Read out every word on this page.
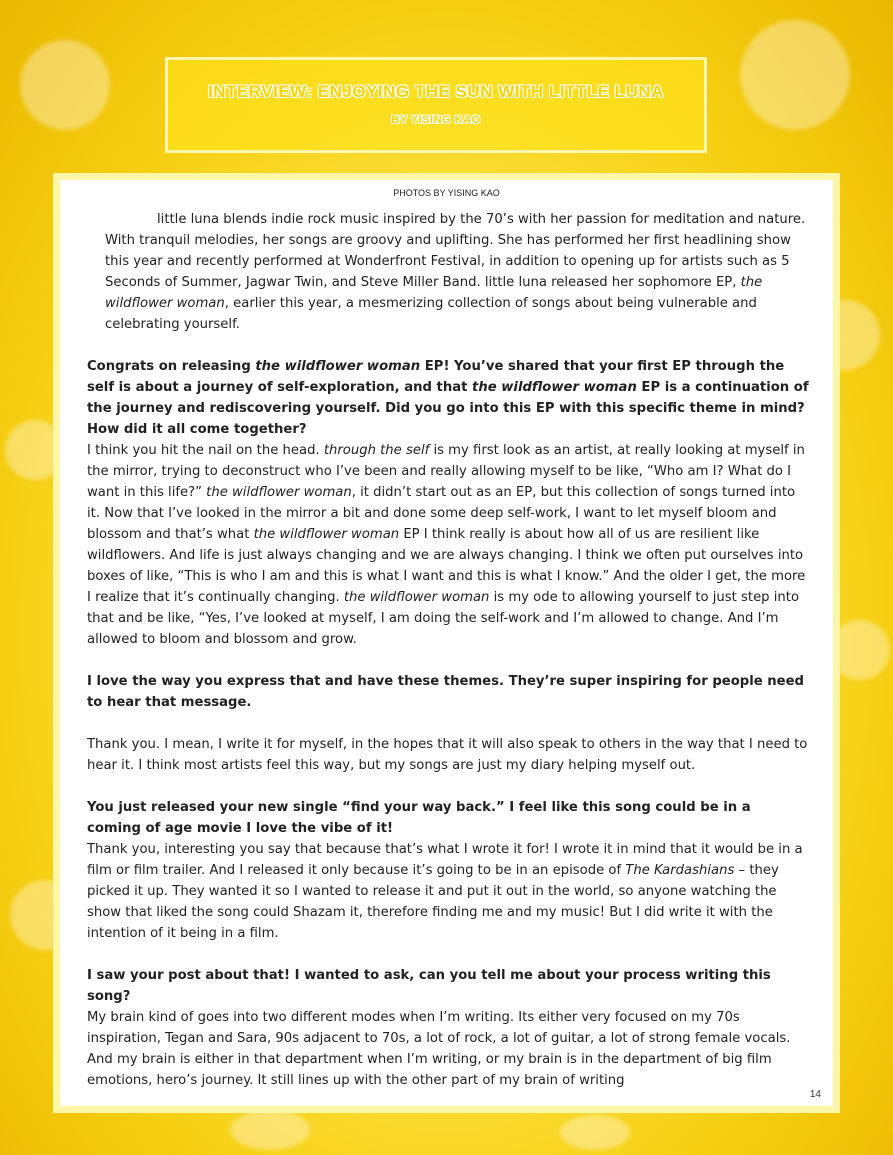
INTERVIEW: ENJOYING THE SUN WITH LITTLE LUNA
BY YISING KAO
PHOTOS BY YISING KAO

little luna blends indie rock music inspired by the 70’s with her passion for meditation and nature. With tranquil melodies, her songs are groovy and uplifting. She has performed her first headlining show this year and recently performed at Wonderfront Festival, in addition to opening up for artists such as 5 Seconds of Summer, Jagwar Twin, and Steve Miller Band. little luna released her sophomore EP, the wildflower woman, earlier this year, a mesmerizing collection of songs about being vulnerable and celebrating yourself.

Congrats on releasing the wildflower woman EP! You’ve shared that your first EP through the self is about a journey of self-exploration, and that the wildflower woman EP is a continuation of the journey and rediscovering yourself. Did you go into this EP with this specific theme in mind? How did it all come together?

I think you hit the nail on the head. through the self is my first look as an artist, at really looking at myself in the mirror, trying to deconstruct who I’ve been and really allowing myself to be like, “Who am I? What do I want in this life?” the wildflower woman, it didn’t start out as an EP, but this collection of songs turned into it. Now that I’ve looked in the mirror a bit and done some deep self-work, I want to let myself bloom and blossom and that’s what the wildflower woman EP I think really is about how all of us are resilient like wildflowers. And life is just always changing and we are always changing. I think we often put ourselves into boxes of like, “This is who I am and this is what I want and this is what I know.” And the older I get, the more I realize that it’s continually changing. the wildflower woman is my ode to allowing yourself to just step into that and be like, “Yes, I’ve looked at myself, I am doing the self-work and I’m allowed to change. And I’m allowed to bloom and blossom and grow.

I love the way you express that and have these themes. They’re super inspiring for people need to hear that message.

Thank you. I mean, I write it for myself, in the hopes that it will also speak to others in the way that I need to hear it. I think most artists feel this way, but my songs are just my diary helping myself out.

You just released your new single “find your way back.” I feel like this song could be in a coming of age movie I love the vibe of it!

Thank you, interesting you say that because that’s what I wrote it for! I wrote it in mind that it would be in a film or film trailer. And I released it only because it’s going to be in an episode of The Kardashians – they picked it up. They wanted it so I wanted to release it and put it out in the world, so anyone watching the show that liked the song could Shazam it, therefore finding me and my music! But I did write it with the intention of it being in a film.

I saw your post about that! I wanted to ask, can you tell me about your process writing this song?

My brain kind of goes into two different modes when I’m writing. Its either very focused on my 70s inspiration, Tegan and Sara, 90s adjacent to 70s, a lot of rock, a lot of guitar, a lot of strong female vocals. And my brain is either in that department when I’m writing, or my brain is in the department of big film emotions, hero’s journey. It still lines up with the other part of my brain of writing

14
